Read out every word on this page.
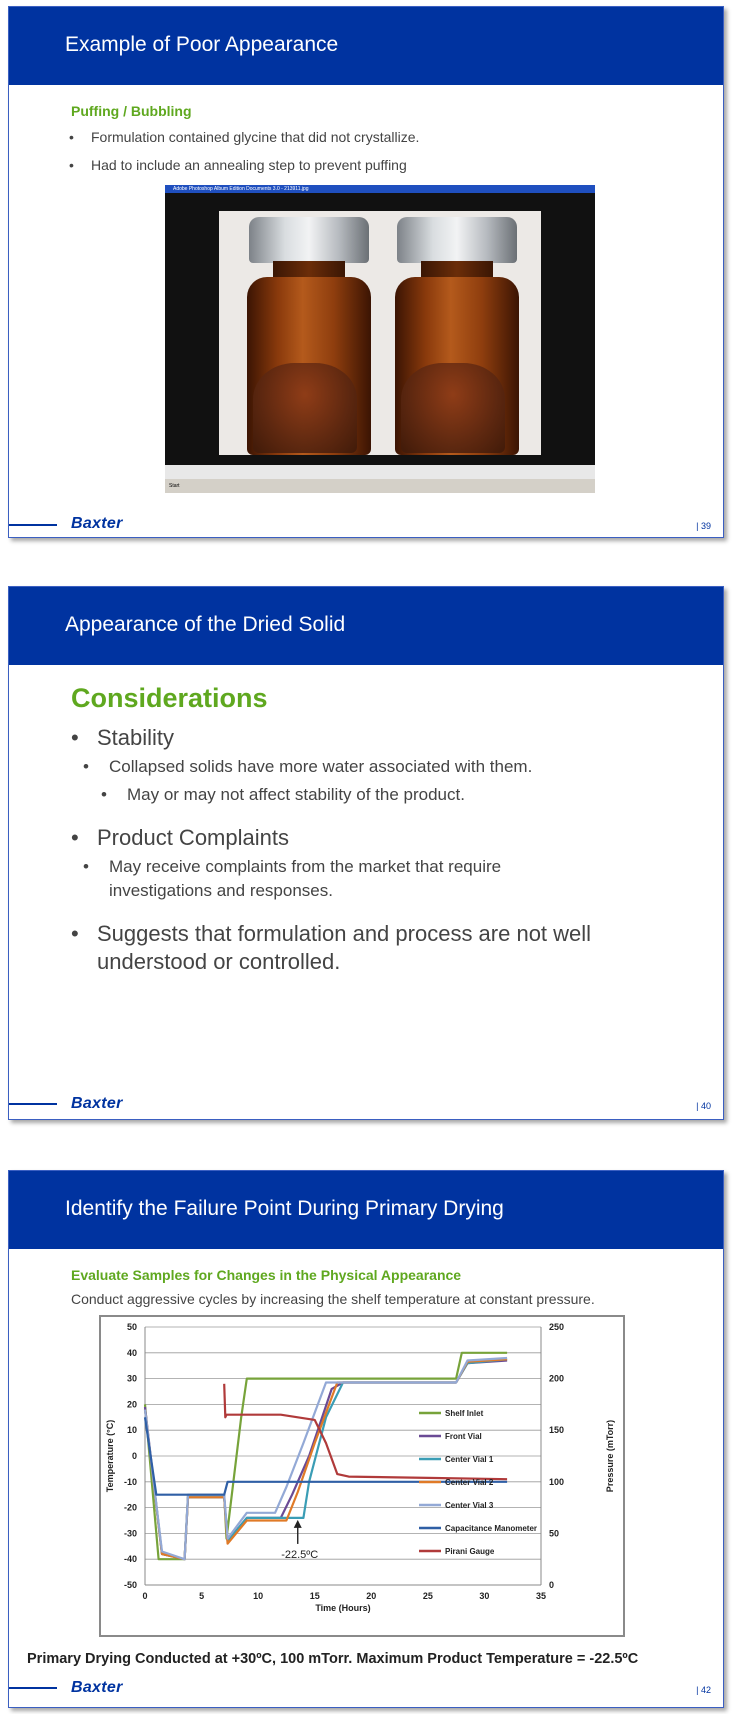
Example of Poor Appearance
Puffing / Bubbling
• Formulation contained glycine that did not crystallize.
• Had to include an annealing step to prevent puffing
Adobe Photoshop Album Edition Documents 3.0 - 213911.jpg
Start
Baxter	| 39
Appearance of the Dried Solid
Considerations
• Stability
• Collapsed solids have more water associated with them.
• May or may not affect stability of the product.
• Product Complaints
• May receive complaints from the market that require
investigations and responses.
• Suggests that formulation and process are not well
understood or controlled.
Baxter	| 40
Identify the Failure Point During Primary Drying
Evaluate Samples for Changes in the Physical Appearance
Conduct aggressive cycles by increasing the shelf temperature at constant pressure.
50
40
30
20
10
0
-10
-20
-30
-40
-50
250
200
150
100
50
0
0	5	10	15	20	25	30	35
Time (Hours)
Temperature (°C)	Pressure (mTorr)
Shelf Inlet
Front Vial
Center Vial 1
Center Vial 2
Center Vial 3
Capacitance Manometer
Pirani Gauge
-22.5ºC
Primary Drying Conducted at +30ºC, 100 mTorr. Maximum Product Temperature = -22.5ºC
Baxter	| 42
